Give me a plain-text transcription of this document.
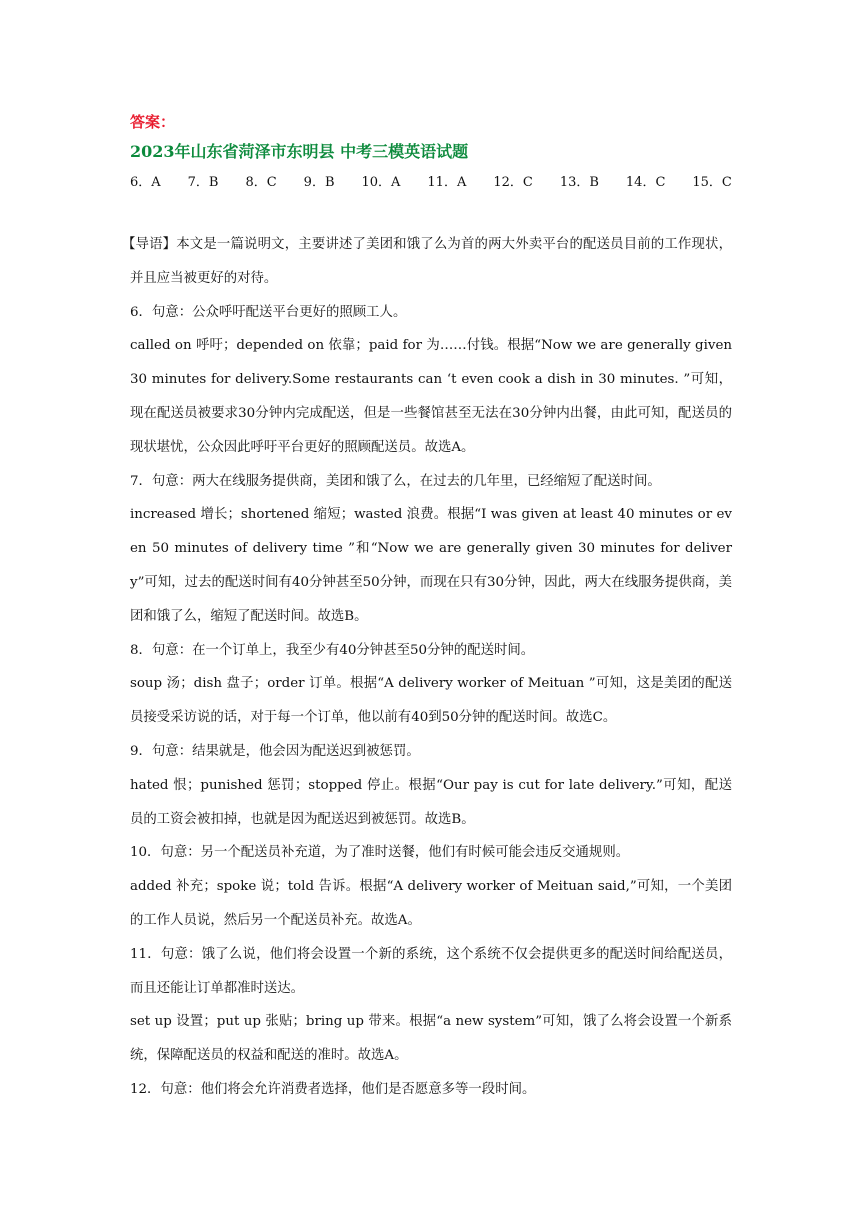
答案：
2023年山东省菏泽市东明县 中考三模英语试题
6．A 7．B 8．C 9．B 10．A 11．A 12．C 13．B 14．C 15．C

【导语】本文是一篇说明文，主要讲述了美团和饿了么为首的两大外卖平台的配送员目前的工作现状，并且应当被更好的对待。

6．句意：公众呼吁配送平台更好的照顾工人。

called on 呼吁；depended on 依靠；paid for 为……付钱。根据“Now we are generally given 30 minutes for delivery.Some restaurants can ‘t even cook a dish in 30 minutes. ”可知，现在配送员被要求30分钟内完成配送，但是一些餐馆甚至无法在30分钟内出餐，由此可知，配送员的现状堪忧，公众因此呼吁平台更好的照顾配送员。故选A。

7．句意：两大在线服务提供商，美团和饿了么，在过去的几年里，已经缩短了配送时间。

increased 增长；shortened 缩短；wasted 浪费。根据“I was given at least 40 minutes or even 50 minutes of delivery time ”和“Now we are generally given 30 minutes for delivery”可知，过去的配送时间有40分钟甚至50分钟，而现在只有30分钟，因此，两大在线服务提供商，美团和饿了么，缩短了配送时间。故选B。

8．句意：在一个订单上，我至少有40分钟甚至50分钟的配送时间。

soup 汤；dish 盘子；order 订单。根据“A delivery worker of Meituan ”可知，这是美团的配送员接受采访说的话，对于每一个订单，他以前有40到50分钟的配送时间。故选C。

9．句意：结果就是，他会因为配送迟到被惩罚。

hated 恨；punished 惩罚；stopped 停止。根据“Our pay is cut for late delivery.”可知，配送员的工资会被扣掉，也就是因为配送迟到被惩罚。故选B。

10．句意：另一个配送员补充道，为了准时送餐，他们有时候可能会违反交通规则。

added 补充；spoke 说；told 告诉。根据“A delivery worker of Meituan said,”可知，一个美团的工作人员说，然后另一个配送员补充。故选A。

11．句意：饿了么说，他们将会设置一个新的系统，这个系统不仅会提供更多的配送时间给配送员，而且还能让订单都准时送达。

set up 设置；put up 张贴；bring up 带来。根据“a new system”可知，饿了么将会设置一个新系统，保障配送员的权益和配送的准时。故选A。

12．句意：他们将会允许消费者选择，他们是否愿意多等一段时间。
